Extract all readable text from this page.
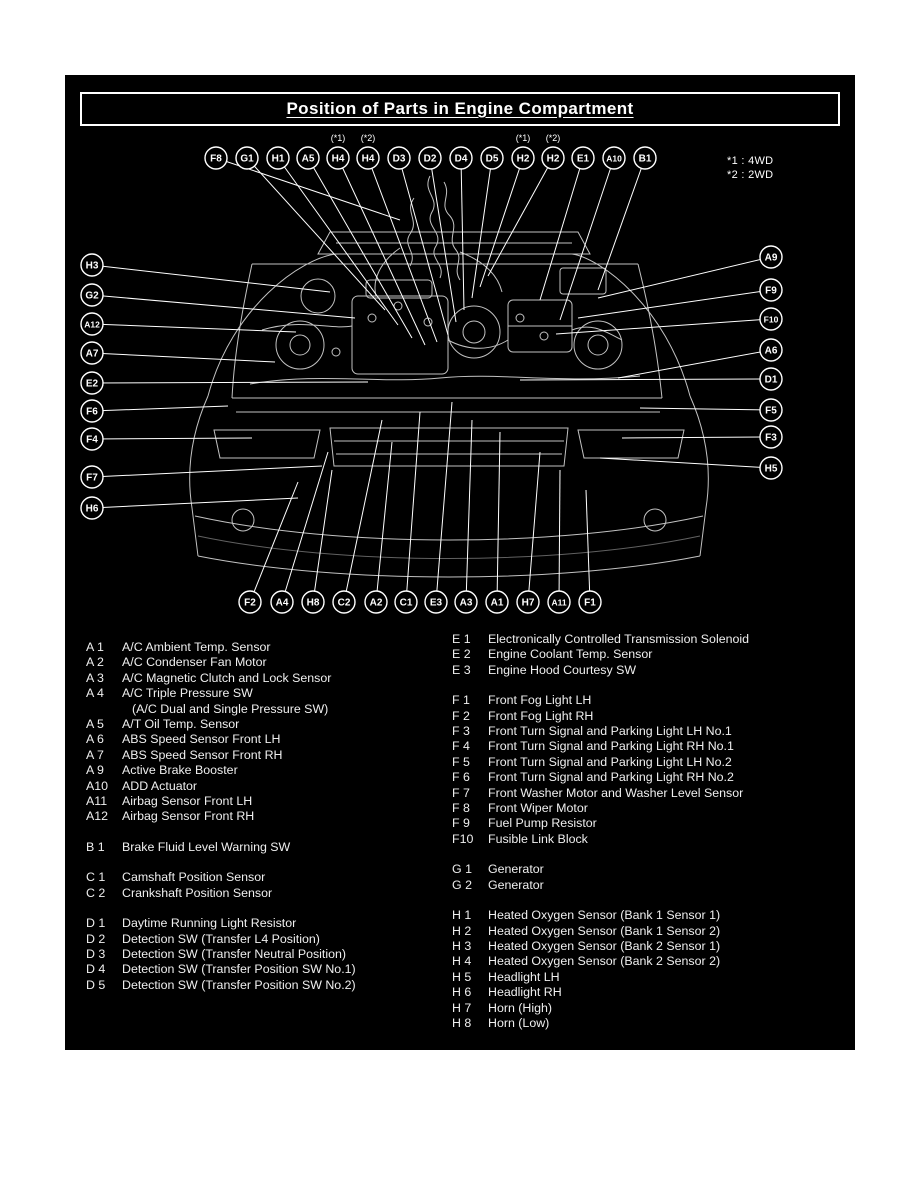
Position of Parts in Engine Compartment
*1 : 4WD
*2 : 2WD
F8 G1 H1 A5 H4
(*1)
H4
(*2)
D3 D2 D4 D5 H2
(*1)
H2
(*2)
E1 A10 B1
H3
G2
A12
A7
E2
F6
F4
F7
H6
A9
F9
F10
A6
D1
F5
F3
H5
F2 A4 H8 C2 A2 C1 E3 A3 A1 H7 A11 F1
A 1	A/C Ambient Temp. Sensor
A 2	A/C Condenser Fan Motor
A 3	A/C Magnetic Clutch and Lock Sensor
A 4	A/C Triple Pressure SW
(A/C Dual and Single Pressure SW)
A 5	A/T Oil Temp. Sensor
A 6	ABS Speed Sensor Front LH
A 7	ABS Speed Sensor Front RH
A 9	Active Brake Booster
A10	ADD Actuator
A11	Airbag Sensor Front LH
A12	Airbag Sensor Front RH
B 1	Brake Fluid Level Warning SW
C 1	Camshaft Position Sensor
C 2	Crankshaft Position Sensor
D 1	Daytime Running Light Resistor
D 2	Detection SW (Transfer L4 Position)
D 3	Detection SW (Transfer Neutral Position)
D 4	Detection SW (Transfer Position SW No.1)
D 5	Detection SW (Transfer Position SW No.2)
E 1	Electronically Controlled Transmission Solenoid
E 2	Engine Coolant Temp. Sensor
E 3	Engine Hood Courtesy SW
F 1	Front Fog Light LH
F 2	Front Fog Light RH
F 3	Front Turn Signal and Parking Light LH No.1
F 4	Front Turn Signal and Parking Light RH No.1
F 5	Front Turn Signal and Parking Light LH No.2
F 6	Front Turn Signal and Parking Light RH No.2
F 7	Front Washer Motor and Washer Level Sensor
F 8	Front Wiper Motor
F 9	Fuel Pump Resistor
F10	Fusible Link Block
G 1	Generator
G 2	Generator
H 1	Heated Oxygen Sensor (Bank 1 Sensor 1)
H 2	Heated Oxygen Sensor (Bank 1 Sensor 2)
H 3	Heated Oxygen Sensor (Bank 2 Sensor 1)
H 4	Heated Oxygen Sensor (Bank 2 Sensor 2)
H 5	Headlight LH
H 6	Headlight RH
H 7	Horn (High)
H 8	Horn (Low)
